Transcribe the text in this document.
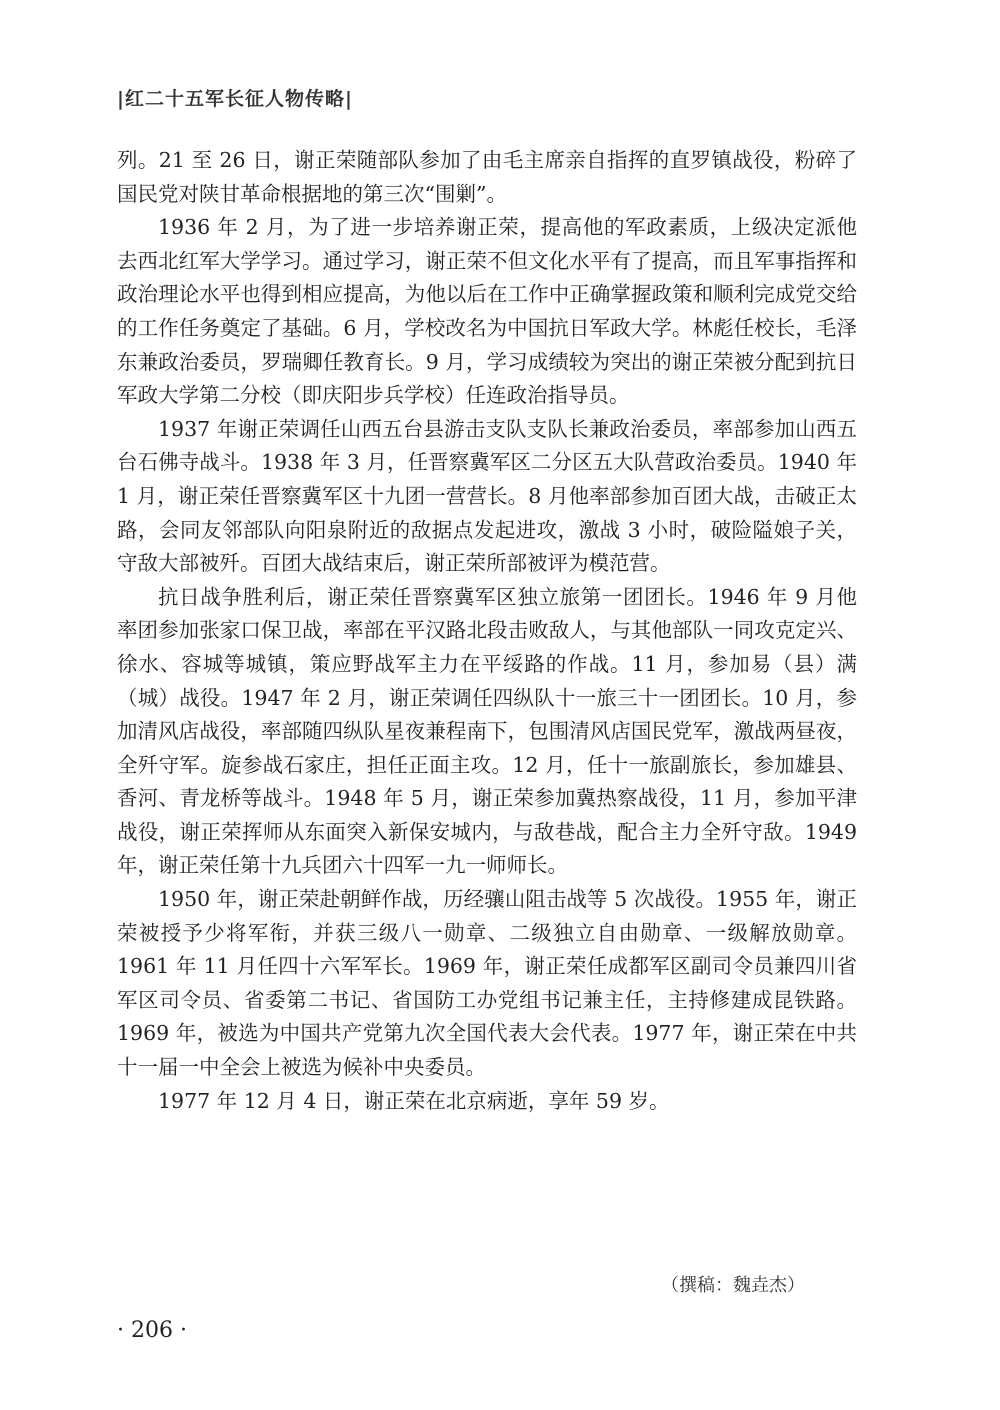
|红二十五军长征人物传略|

列。21 至 26 日，谢正荣随部队参加了由毛主席亲自指挥的直罗镇战役，粉碎了国民党对陕甘革命根据地的第三次“围剿”。

1936 年 2 月，为了进一步培养谢正荣，提高他的军政素质，上级决定派他去西北红军大学学习。通过学习，谢正荣不但文化水平有了提高，而且军事指挥和政治理论水平也得到相应提高，为他以后在工作中正确掌握政策和顺利完成党交给的工作任务奠定了基础。6 月，学校改名为中国抗日军政大学。林彪任校长，毛泽东兼政治委员，罗瑞卿任教育长。9 月，学习成绩较为突出的谢正荣被分配到抗日军政大学第二分校（即庆阳步兵学校）任连政治指导员。

1937 年谢正荣调任山西五台县游击支队支队长兼政治委员，率部参加山西五台石佛寺战斗。1938 年 3 月，任晋察冀军区二分区五大队营政治委员。1940 年 1 月，谢正荣任晋察冀军区十九团一营营长。8 月他率部参加百团大战，击破正太路，会同友邻部队向阳泉附近的敌据点发起进攻，激战 3 小时，破险隘娘子关，守敌大部被歼。百团大战结束后，谢正荣所部被评为模范营。

抗日战争胜利后，谢正荣任晋察冀军区独立旅第一团团长。1946 年 9 月他率团参加张家口保卫战，率部在平汉路北段击败敌人，与其他部队一同攻克定兴、徐水、容城等城镇，策应野战军主力在平绥路的作战。11 月，参加易（县）满（城）战役。1947 年 2 月，谢正荣调任四纵队十一旅三十一团团长。10 月，参加清风店战役，率部随四纵队星夜兼程南下，包围清风店国民党军，激战两昼夜，全歼守军。旋参战石家庄，担任正面主攻。12 月，任十一旅副旅长，参加雄县、香河、青龙桥等战斗。1948 年 5 月，谢正荣参加冀热察战役，11 月，参加平津战役，谢正荣挥师从东面突入新保安城内，与敌巷战，配合主力全歼守敌。1949 年，谢正荣任第十九兵团六十四军一九一师师长。

1950 年，谢正荣赴朝鲜作战，历经骧山阻击战等 5 次战役。1955 年，谢正荣被授予少将军衔，并获三级八一勋章、二级独立自由勋章、一级解放勋章。1961 年 11 月任四十六军军长。1969 年，谢正荣任成都军区副司令员兼四川省军区司令员、省委第二书记、省国防工办党组书记兼主任，主持修建成昆铁路。1969 年，被选为中国共产党第九次全国代表大会代表。1977 年，谢正荣在中共十一届一中全会上被选为候补中央委员。

1977 年 12 月 4 日，谢正荣在北京病逝，享年 59 岁。

（撰稿：魏垚杰）
· 206 ·
